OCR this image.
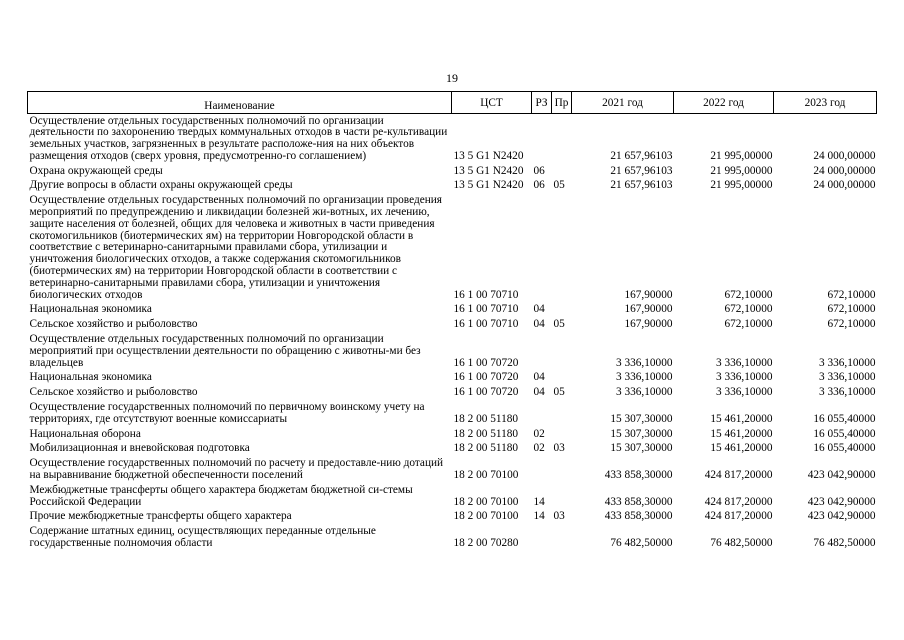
19
Наименование	ЦСТ	РЗ	Пр	2021 год	2022 год	2023 год
Осуществление отдельных государственных полномочий по организации деятельности по захоронению твердых коммунальных отходов в части ре-культивации земельных участков, загрязненных в результате расположе-ния на них объектов размещения отходов (сверх уровня, предусмотренно-го соглашением)	13 5 G1 N2420			21 657,96103	21 995,00000	24 000,00000
Охрана окружающей среды	13 5 G1 N2420	06		21 657,96103	21 995,00000	24 000,00000
Другие вопросы в области охраны окружающей среды	13 5 G1 N2420	06	05	21 657,96103	21 995,00000	24 000,00000
Осуществление отдельных государственных полномочий по организации проведения мероприятий по предупреждению и ликвидации болезней жи-вотных, их лечению, защите населения от болезней, общих для человека и животных в части приведения скотомогильников (биотермических ям) на территории Новгородской области в соответствие с ветеринарно-санитарными правилами сбора, утилизации и уничтожения биологических отходов, а также содержания скотомогильников (биотермических ям) на территории Новгородской области в соответствии с ветеринарно-санитарными правилами сбора, утилизации и уничтожения биологических отходов	16 1 00 70710			167,90000	672,10000	672,10000
Национальная экономика	16 1 00 70710	04		167,90000	672,10000	672,10000
Сельское хозяйство и рыболовство	16 1 00 70710	04	05	167,90000	672,10000	672,10000
Осуществление отдельных государственных полномочий по организации мероприятий при осуществлении деятельности по обращению с животны-ми без владельцев	16 1 00 70720			3 336,10000	3 336,10000	3 336,10000
Национальная экономика	16 1 00 70720	04		3 336,10000	3 336,10000	3 336,10000
Сельское хозяйство и рыболовство	16 1 00 70720	04	05	3 336,10000	3 336,10000	3 336,10000
Осуществление государственных полномочий по первичному воинскому учету на территориях, где отсутствуют военные комиссариаты	18 2 00 51180			15 307,30000	15 461,20000	16 055,40000
Национальная оборона	18 2 00 51180	02		15 307,30000	15 461,20000	16 055,40000
Мобилизационная и вневойсковая подготовка	18 2 00 51180	02	03	15 307,30000	15 461,20000	16 055,40000
Осуществление государственных полномочий по расчету и предоставле-нию дотаций на выравнивание бюджетной обеспеченности поселений	18 2 00 70100			433 858,30000	424 817,20000	423 042,90000
Межбюджетные трансферты общего характера бюджетам бюджетной си-стемы Российской Федерации	18 2 00 70100	14		433 858,30000	424 817,20000	423 042,90000
Прочие межбюджетные трансферты общего характера	18 2 00 70100	14	03	433 858,30000	424 817,20000	423 042,90000
Содержание штатных единиц, осуществляющих переданные отдельные государственные полномочия области	18 2 00 70280			76 482,50000	76 482,50000	76 482,50000
